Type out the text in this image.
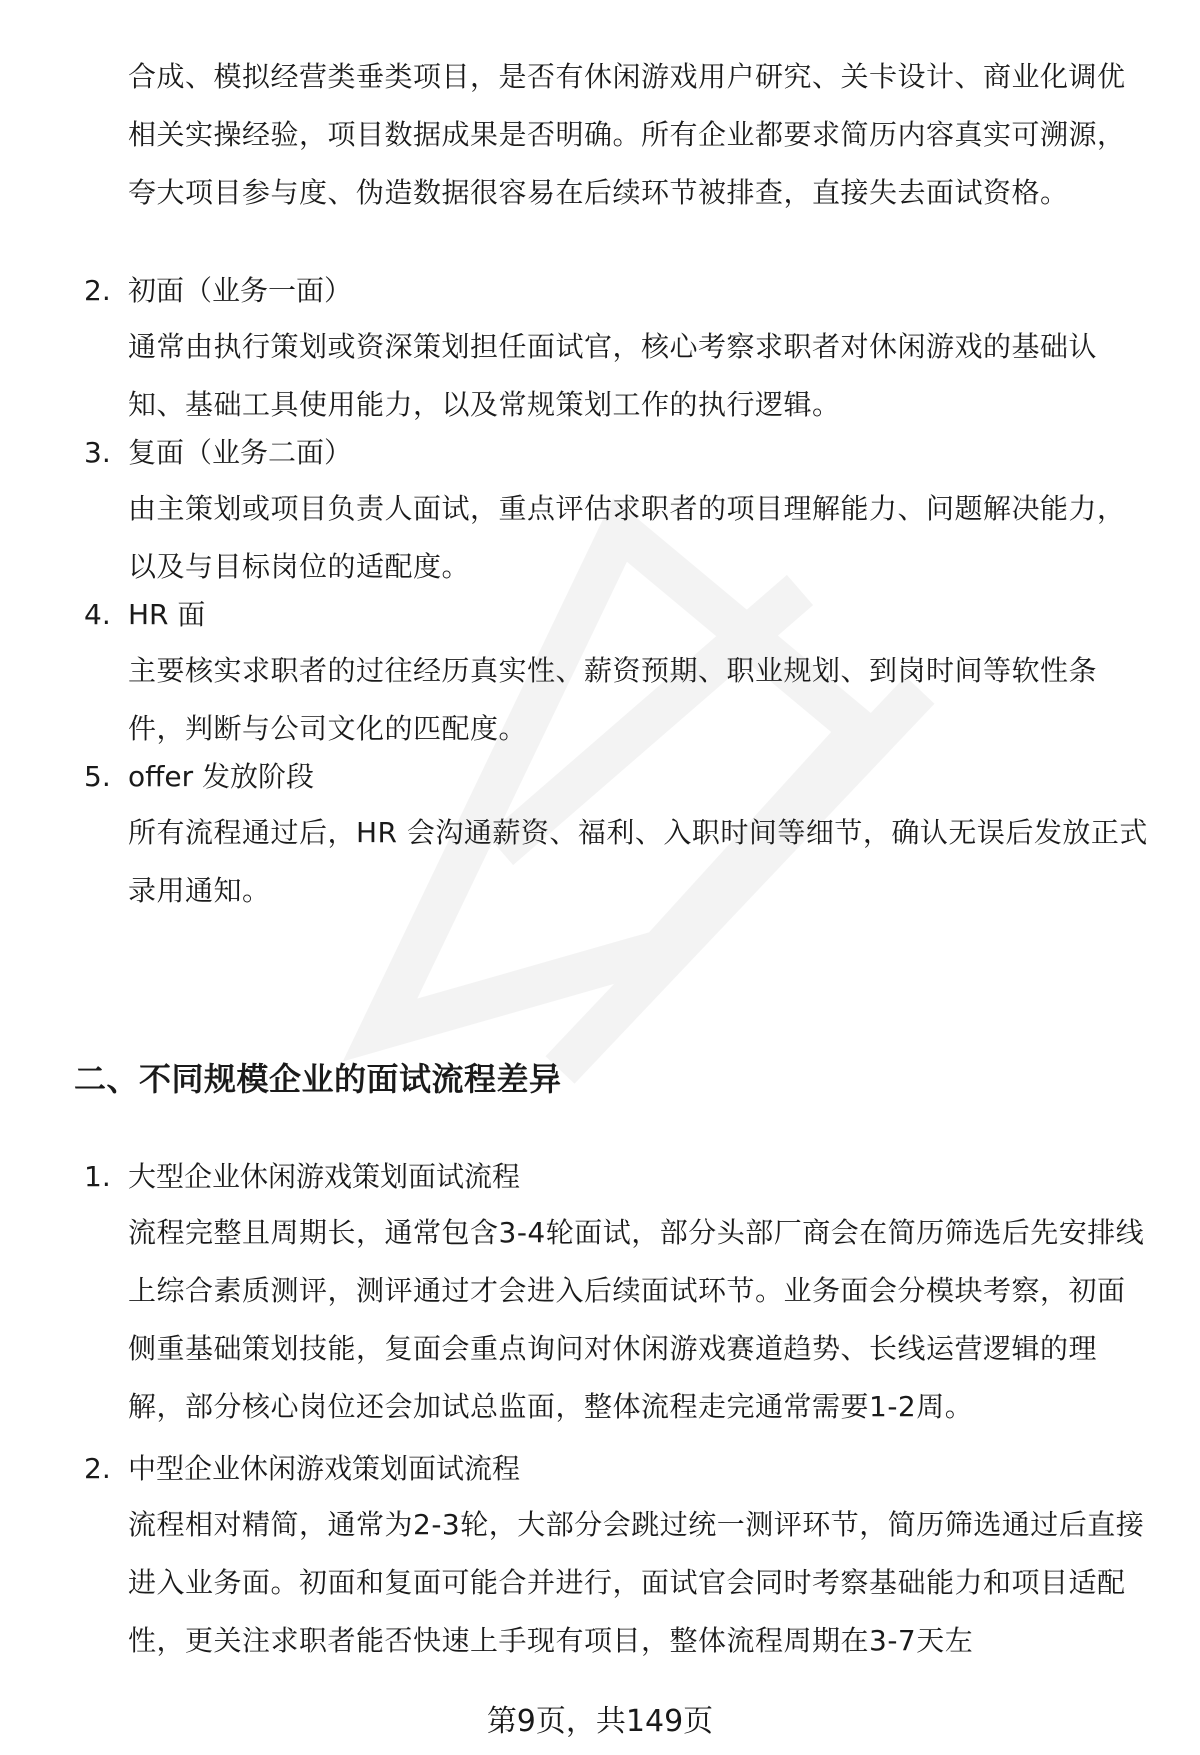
合成、模拟经营类垂类项目，是否有休闲游戏用户研究、关卡设计、商业化调优相关实操经验，项目数据成果是否明确。所有企业都要求简历内容真实可溯源，夸大项目参与度、伪造数据很容易在后续环节被排查，直接失去面试资格。

2. 初面（业务一面）

通常由执行策划或资深策划担任面试官，核心考察求职者对休闲游戏的基础认知、基础工具使用能力，以及常规策划工作的执行逻辑。

3. 复面（业务二面）

由主策划或项目负责人面试，重点评估求职者的项目理解能力、问题解决能力，以及与目标岗位的适配度。

4. HR 面

主要核实求职者的过往经历真实性、薪资预期、职业规划、到岗时间等软性条件，判断与公司文化的匹配度。

5. offer 发放阶段

所有流程通过后，HR 会沟通薪资、福利、入职时间等细节，确认无误后发放正式录用通知。

二、不同规模企业的面试流程差异
1. 大型企业休闲游戏策划面试流程

流程完整且周期长，通常包含3-4轮面试，部分头部厂商会在简历筛选后先安排线上综合素质测评，测评通过才会进入后续面试环节。业务面会分模块考察，初面侧重基础策划技能，复面会重点询问对休闲游戏赛道趋势、长线运营逻辑的理解，部分核心岗位还会加试总监面，整体流程走完通常需要1-2周。

2. 中型企业休闲游戏策划面试流程

流程相对精简，通常为2-3轮，大部分会跳过统一测评环节，简历筛选通过后直接进入业务面。初面和复面可能合并进行，面试官会同时考察基础能力和项目适配性，更关注求职者能否快速上手现有项目，整体流程周期在3-7天左

第9页，共149页
